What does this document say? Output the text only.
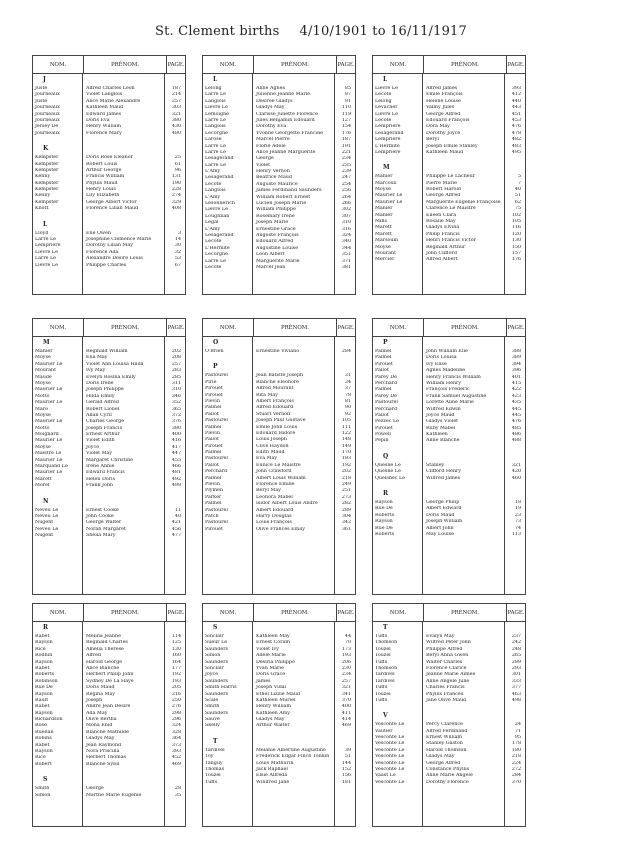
St. Clement births 4/10/1901 to 16/11/1917
NOM.	PRÉNOM.	PAGE.
J
Juste	Alfred Charles Léon	187
Journeaux	Violet Langlois	214
Juste	Alice Marie Alexandre	257
Journeaux	Kathleen Maud	303
Journeaux	Edward James	321
Journeaux	Doris Eva	380
Jersey De	Henry William	430
Journeaux	Florence Mary	480
K
Kempster	Doris Rose Eleanor	25
Kempster	Robert Louis	61
Kempster	Arthur George	96
Kenny	Francis William	131
Kempster	Phyllis Maud	190
Kempster	Henry Louis	228
Kenny	Lily Elizabeth	274
Kempster	George Albert Victor	329
Knott	Florence Lilian Maud	408
L
Lloyd	Ené Owen	3
Larre Le	Joséphine Clémence Marie	14
Lemprière	Dorothy Lilian May	30
Lièvre Le	Florence Ada	32
Larre Le	Alexandre Désiré Louis	53
Lièvre Le	Philippe Charles	67
NOM.	PRÉNOM.	PAGE.
L
Lelong	Aline Agnes	85
Larre Le	Julienne Jeanne Marie	87
Langlois	Désirée Gladys	91
Lièvre Le	Gladys May	110
Lemoigne	Clarisse Juliette Florence	119
Larre Le	Jules Benjamin Édouard	127
Langlois	Dorothy Eva	154
Lecorgne	Yvonne Georgette Francine	176
Larose	Marcel Pierre	187
Larre Le	Florie Adèle	191
Larre Le	Alice Jeanne Marguerite	221
Lesagerand	George	234
Larre Le	Violet	235
L'Amy	Henry Vernon	239
Lesagerand	Beatrice Maud	247
Lecote	Auguste Maurice	254
Langlois	James Ferdinand Saunders	256
L'Amy	William Robert Ernest	264
Lesonnerich	Lucien Joseph Marie	266
Lièvre Le	William Philippe	302
Loughnan	Rosemary Irene	307
Legal	Joseph Marie	310
L'Amy	Ernestine Grace	316
Lesagerand	Auguste François	324
Lecote	Édouard Alfred	340
L'Hermite	Augustine Louise	344
Lecorgne	Léon Albert	351
Larre Le	Marguerite Marie	371
Lecote	Marcel Jean	381
NOM.	PRÉNOM.	PAGE.
L
Lièvre Le	Alfred James	393
Lecote	Émile François	412
Lelong	Hélène Louise	440
Levacher	Valmy Jules	443
Lièvre Le	George Alfred	451
Lecote	Édouard François	453
Lemprière	Dora May	476
Lesagerand	Dorothy Joyce	478
Lemprière	Beryl	482
L'Hermite	Joseph Émile Stanley	483
Lemprière	Kathleen Maud	495
M
Mahier	Philippe Le Lacheur	5
Marcoux	Pierre Marie	7
Moyse	Robert Harold	40
Maurier Le	George Alfred	51
Maurier Le	Marguerite Eugénie Françoise	62
Mahier	Clarence Le Maistre	75
Mahier	Eileen Clara	102
Mills	Rosalie May	105
Marett	Gladys Elvina	116
Marett	Philip Francis	120
Marsouin	Henri Francis Victor	130
Moyse	Reginald Arthur	150
Mourant	John Clifford	157
Mercier	Alfred Albert	176
NOM.	PRÉNOM.	PAGE.
M
Mahier	Reginald William	202
Moyse	Ena May	208
Maurier Le	Violet Ann Louisa Hilda	257
Mourant	Ivy May	283
Maude	Evelyn Rosina Emily	285
Moyse	Doris Irene	311
Maurier Le	Joseph Philippe	310
Motto	Hilda Emily	346
Maurier Le	Gerald Alfred	352
Maré	Robert Lionel	365
Moyse	Allan Cyril	372
Maurier Le	Charles George	376
Motto	Joseph Francis	380
Moignard	Ernest Arthur	400
Maurier Le	Violet Edith	416
Moyse	Joyce	417
Maistre Le	Violet May	447
Maurier Le	Margaret Christine	455
Marquand Le	Irene Annie	466
Maurier Le	Edward Francis	481
Marett	Helen Doris	492
Morel	Frank John	499
N
Neveu Le	Ernest Cooke	11
Neveu Le	John Cooke	40
Nugent	George Walter	421
Neveu Le	Norah Margaret	456
Nugent	Sheila Mary	477
NOM.	PRÉNOM.	PAGE.
O
O'Brien	Ernestine Viviano	284
P
Pastourel	Jean Batiste Joseph	31
Pirie	Blanche Éléonore	34
Pirouet	Alfred Mourant	37
Pirouet	Rita May	78
Plévin	Albert François	81
Palmel	Alfred Édouard	90
Pallot	Stuart Vernon	92
Pastourel	Joseph Paul Gustave	105
Palmel	Émile John Louis	111
Plévin	Édouard Isidore	122
Pallot	Louis Joseph	148
Pirouet	Clive Haydon	149
Palmel	Edith Maud	170
Pastourel	Eva May	193
Pallot	Eunice Le Maistre	192
Perchard	John Crawford	202
Palmel	Albert Louis William	218
Plévin	Florence Emilie	249
Plymen	Beryl May	251
Parker	Leonora Mabel	273
Palmel	Isidor Albert Louis André	282
Pastourel	Albert Édouard	289
Patch	Harry Douglas	304
Pastourel	Louis François	342
Pirouet	Olive Frances Emily	361
NOM.	PRÉNOM.	PAGE.
P
Palmel	John William Elie	388
Palmel	Doris Louisa	389
Pirouet	Ivy Elise	394
Pallot	Agnes Madeline	396
Parey De	Henry Francis William	401
Perchard	William Henry	415
Palmel	François Frédéric	422
Parey De	Frank Samuel Augustine	423
Pastourel	Lorette Aline Marie	435
Perchard	Wilfred Edwin	445
Pallot	Joyce Maud	445
Pezzec Le	Gladys Violet	476
Pirouet	Ruby Mabel	485
Powell	Kathleen	486
Pépin	Aline Blanche	488
Q
Quesne Le	Stanley	321
Quesne Le	Clifford Henry	420
Quelsnec Le	Wilfred James	460
R
Rayson	George Philip	18
Rue De	Albert Edward	19
Roberts	Doris Maud	23
Rayson	Joseph William	73
Rue De	Albert John	74
Roberts	May Louise	113
NOM.	PRÉNOM.	PAGE.
R
Rabet	Mélina Jeanne	114
Rayson	Reginald Charles	125
Rice	Amelia Thérèse	130
Rodhin	Alfred	160
Rayson	Harold George	164
Rabet	Alice Blanche	177
Roberts	Herbert Philip John	192
Robinson	Sydney De La Haye	193
Rue De	Doris Maud	205
Rayson	Regina May	216
Rault	Joseph	250
Rabet	André Jean Désiré	276
Rayson	Ada May	298
Richardson	Olive Bertha	296
Rose	Mona Enid	324
Ruellan	Blanche Mathilde	328
Robins	Gladys May	364
Rabet	Jean Raymond	373
Rayson	Nora Priscilla	393
Rice	Herbert Thomas	452
Robert	Blanche Sybil	469
S
Smith	George	28
Simon	Marthe Marie Eugénie	35
NOM.	PRÉNOM.	PAGE.
S
Sinclair	Kathleen May	44
Sueur Le	Ernest Coram	70
Saunders	Violet Ivy	173
Simon	Adèle Marie	193
Saunders	Désiria Philippe	206
Sinclair	Yvan Marie	230
Joyce	Doris Grace	234
Saunders	James	257
Smith Harris	Joseph Vidal	321
Saunders	Ethel Lizzie Maud	341
Scale	Kathleen Muriel	370
Smith	Henry William	400
Saunders	Kathleen Amy	411
Sauvé	Gladys May	414
Skelly	Arthur Walter	469
T
Tardivel	Mélanie Albertine Augustine	39
Toy	Frederick Edgar Finch Tonkin	51
Tanguy	Louis Mathurin	144
Thomas	Jack Raphael	152
Touzel	Elsie Alfreda	156
Tuffs	Winifred Jane	181
NOM.	PRÉNOM.	PAGE.
T
Tuffs	Evalyn May	237
Thomson	Wilfred Peter John	242
Touzel	Philippe Alfred	248
Touzel	Beryl Anna Gwen	265
Tuffs	Walter Charles	289
Thomson	Florence Clarice	293
Tardivel	Jeanne Marie Aimée	301
Tardivel	Aline Angèle Julie	333
Tuffs	Charles Francis	377
Touzel	Phyllis Frances	463
Tuffs	Jane Olive Maud	498
V
Vesconte Le	Percy Clarence	24
Vautier	Alfred Ferdinand	71
Vesconte Le	Ernest William	95
Vesconte Le	Stanley Gaston	178
Vesconte Le	Harold Thomson	180
Vesconte Le	Gladys May	218
Vesconte Le	George Alfred	224
Vesconte Le	Constance Phyllis	272
Vaast Le	Aline Marie Angèle	284
Vesconte Le	Dorothy Florence	370
